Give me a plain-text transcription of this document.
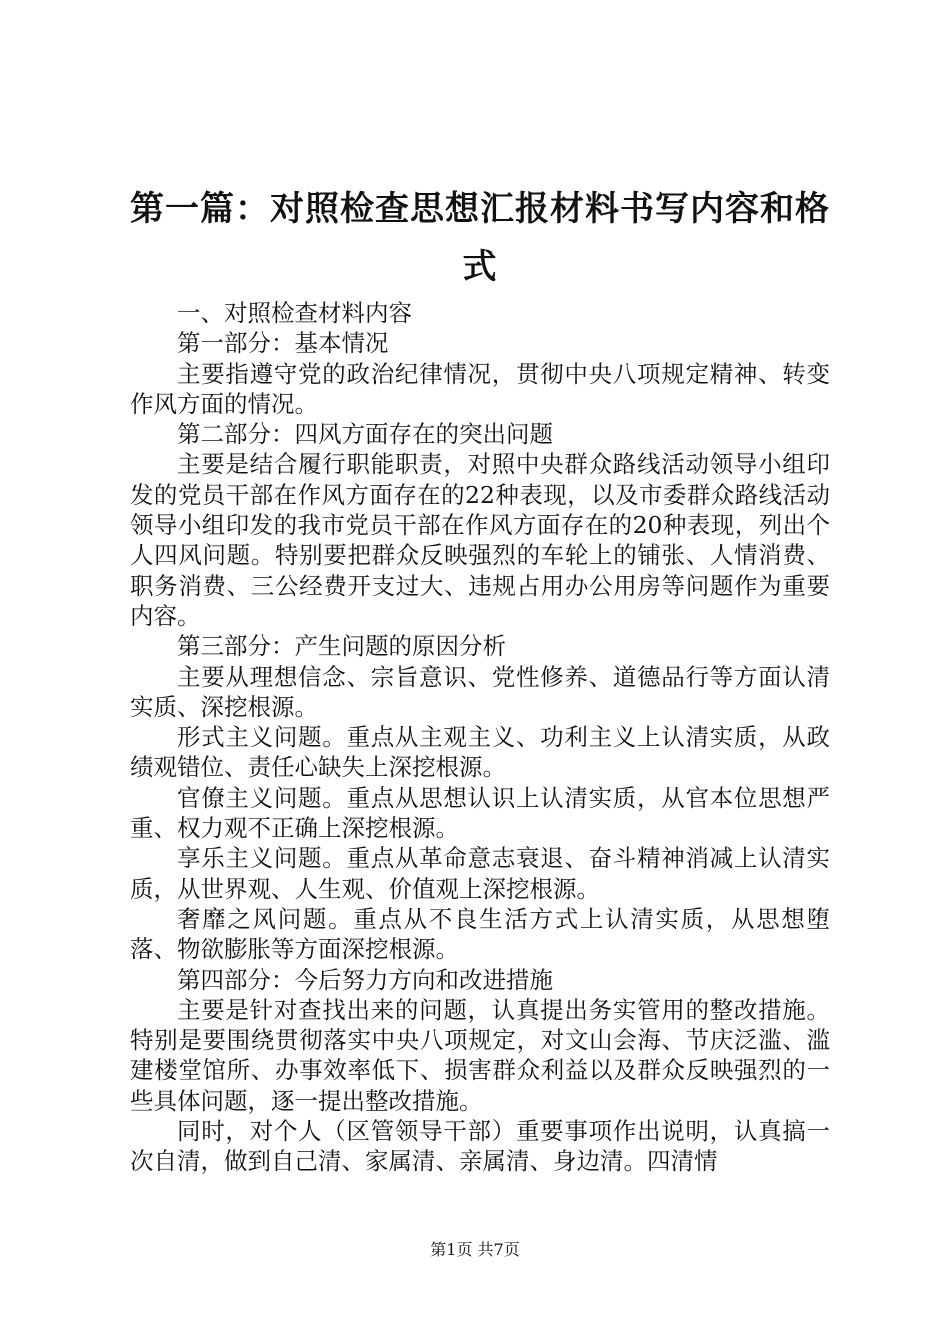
第一篇：对照检查思想汇报材料书写内容和格式

一、对照检查材料内容

第一部分：基本情况

主要指遵守党的政治纪律情况，贯彻中央八项规定精神、转变作风方面的情况。

第二部分：四风方面存在的突出问题

主要是结合履行职能职责，对照中央群众路线活动领导小组印发的党员干部在作风方面存在的22种表现，以及市委群众路线活动领导小组印发的我市党员干部在作风方面存在的20种表现，列出个人四风问题。特别要把群众反映强烈的车轮上的铺张、人情消费、职务消费、三公经费开支过大、违规占用办公用房等问题作为重要内容。

第三部分：产生问题的原因分析

主要从理想信念、宗旨意识、党性修养、道德品行等方面认清实质、深挖根源。

形式主义问题。重点从主观主义、功利主义上认清实质，从政绩观错位、责任心缺失上深挖根源。

官僚主义问题。重点从思想认识上认清实质，从官本位思想严重、权力观不正确上深挖根源。

享乐主义问题。重点从革命意志衰退、奋斗精神消减上认清实质，从世界观、人生观、价值观上深挖根源。

奢靡之风问题。重点从不良生活方式上认清实质，从思想堕落、物欲膨胀等方面深挖根源。

第四部分：今后努力方向和改进措施

主要是针对查找出来的问题，认真提出务实管用的整改措施。特别是要围绕贯彻落实中央八项规定，对文山会海、节庆泛滥、滥建楼堂馆所、办事效率低下、损害群众利益以及群众反映强烈的一些具体问题，逐一提出整改措施。

同时，对个人（区管领导干部）重要事项作出说明，认真搞一次自清，做到自己清、家属清、亲属清、身边清。四清情

第1页 共7页
